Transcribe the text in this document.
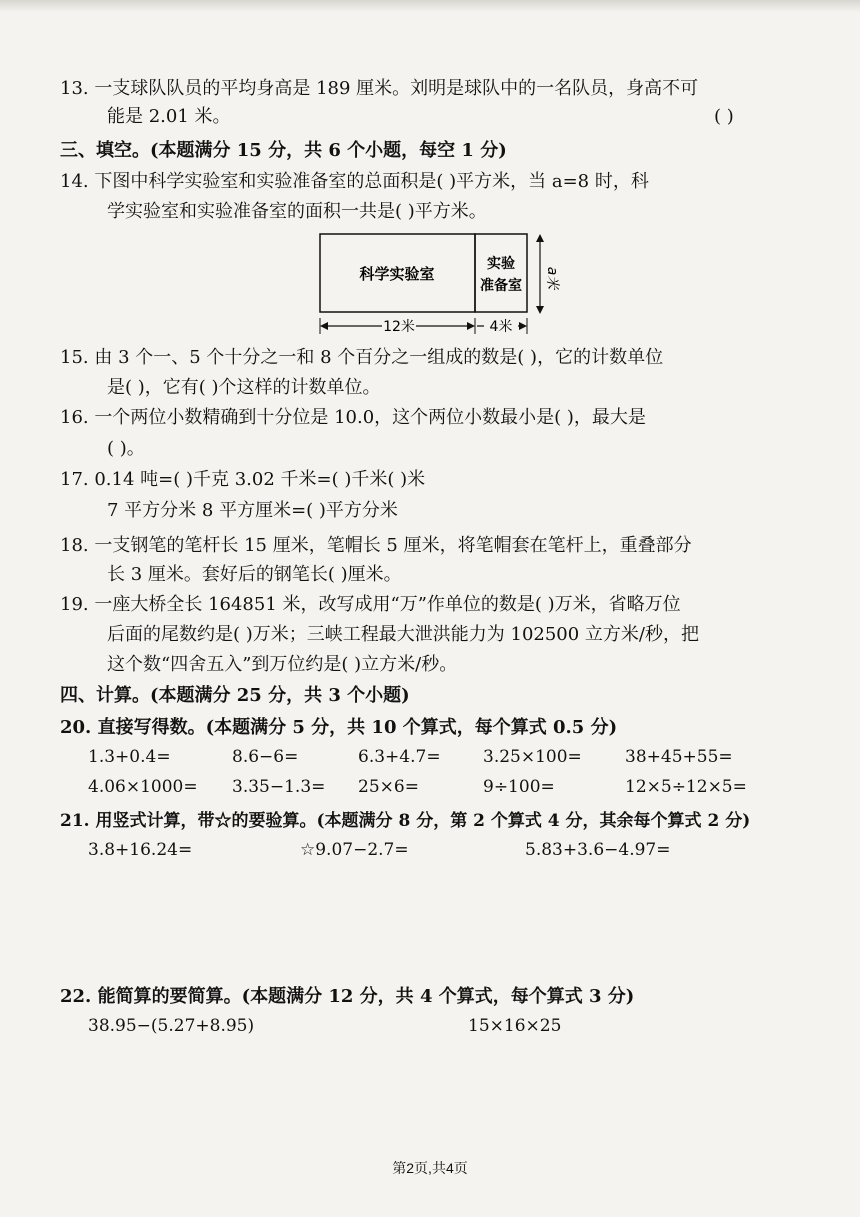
13. 一支球队队员的平均身高是 189 厘米。刘明是球队中的一名队员，身高不可
能是 2.01 米。	( )
三、填空。(本题满分 15 分，共 6 个小题，每空 1 分)
14. 下图中科学实验室和实验准备室的总面积是( )平方米，当 a=8 时，科
学实验室和实验准备室的面积一共是( )平方米。
科学实验室
实验
准备室 a米
12米	4米
15. 由 3 个一、5 个十分之一和 8 个百分之一组成的数是( )，它的计数单位
是( )，它有( )个这样的计数单位。
16. 一个两位小数精确到十分位是 10.0，这个两位小数最小是( )，最大是
( )。
17. 0.14 吨=( )千克 3.02 千米=( )千米( )米
7 平方分米 8 平方厘米=( )平方分米
18. 一支钢笔的笔杆长 15 厘米，笔帽长 5 厘米，将笔帽套在笔杆上，重叠部分
长 3 厘米。套好后的钢笔长( )厘米。
19. 一座大桥全长 164851 米，改写成用“万”作单位的数是( )万米，省略万位
后面的尾数约是( )万米；三峡工程最大泄洪能力为 102500 立方米/秒，把
这个数“四舍五入”到万位约是( )立方米/秒。
四、计算。(本题满分 25 分，共 3 个小题)
20. 直接写得数。(本题满分 5 分，共 10 个算式，每个算式 0.5 分)
1.3+0.4=	8.6−6=	6.3+4.7= 3.25×100=	38+45+55=
4.06×1000= 3.35−1.3= 25×6=	9÷100=	12×5÷12×5=
21. 用竖式计算，带☆的要验算。(本题满分 8 分，第 2 个算式 4 分，其余每个算式 2 分)
3.8+16.24=	☆9.07−2.7=	5.83+3.6−4.97=
22. 能简算的要简算。(本题满分 12 分，共 4 个算式，每个算式 3 分)
38.95−(5.27+8.95)	15×16×25
第2页,共4页
